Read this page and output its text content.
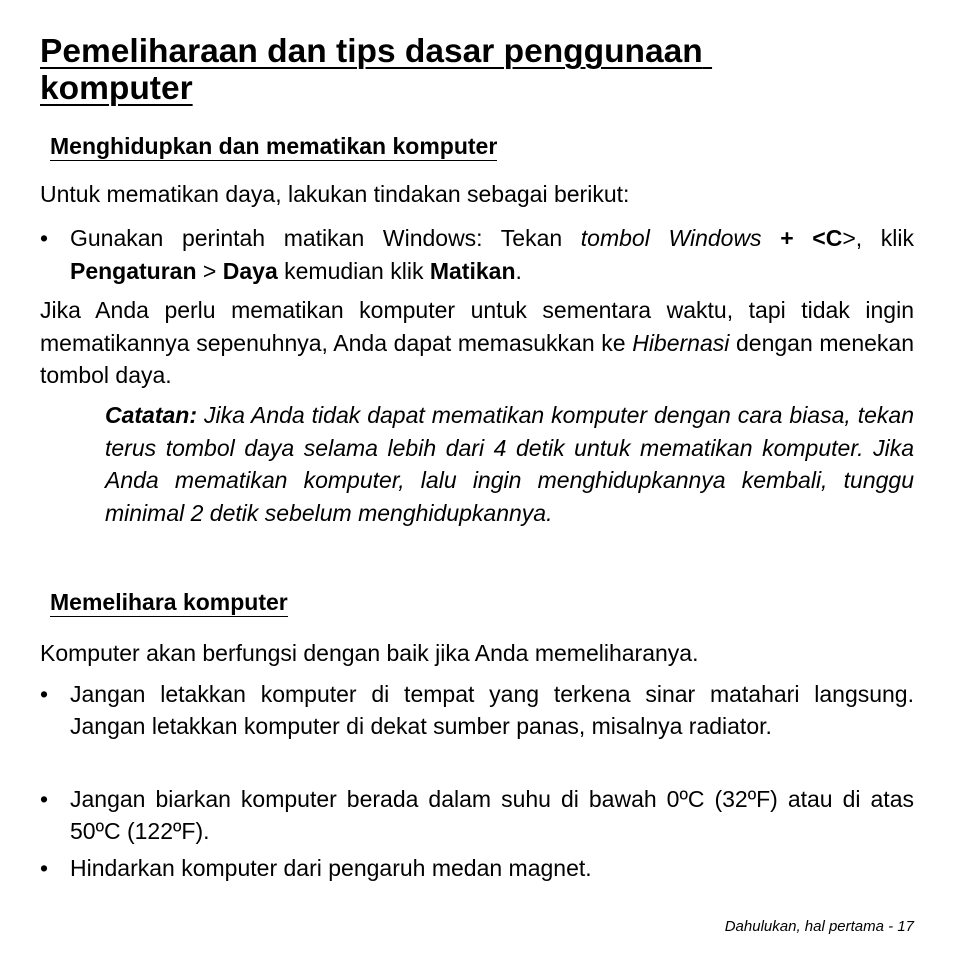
Pemeliharaan dan tips dasar penggunaan
komputer
Menghidupkan dan mematikan komputer
Untuk mematikan daya, lakukan tindakan sebagai berikut:
• Gunakan perintah matikan Windows: Tekan tombol Windows + <C>, klik Pengaturan > Daya kemudian klik Matikan.
Jika Anda perlu mematikan komputer untuk sementara waktu, tapi tidak ingin mematikannya sepenuhnya, Anda dapat memasukkan ke Hibernasi dengan menekan tombol daya.
Catatan: Jika Anda tidak dapat mematikan komputer dengan cara biasa, tekan terus tombol daya selama lebih dari 4 detik untuk mematikan komputer. Jika Anda mematikan komputer, lalu ingin menghidupkannya kembali, tunggu minimal 2 detik sebelum menghidupkannya.
Memelihara komputer
Komputer akan berfungsi dengan baik jika Anda memeliharanya.
• Jangan letakkan komputer di tempat yang terkena sinar matahari langsung. Jangan letakkan komputer di dekat sumber panas, misalnya radiator.
• Jangan biarkan komputer berada dalam suhu di bawah 0ºC (32ºF) atau di atas 50ºC (122ºF).
• Hindarkan komputer dari pengaruh medan magnet.
Dahulukan, hal pertama - 17
